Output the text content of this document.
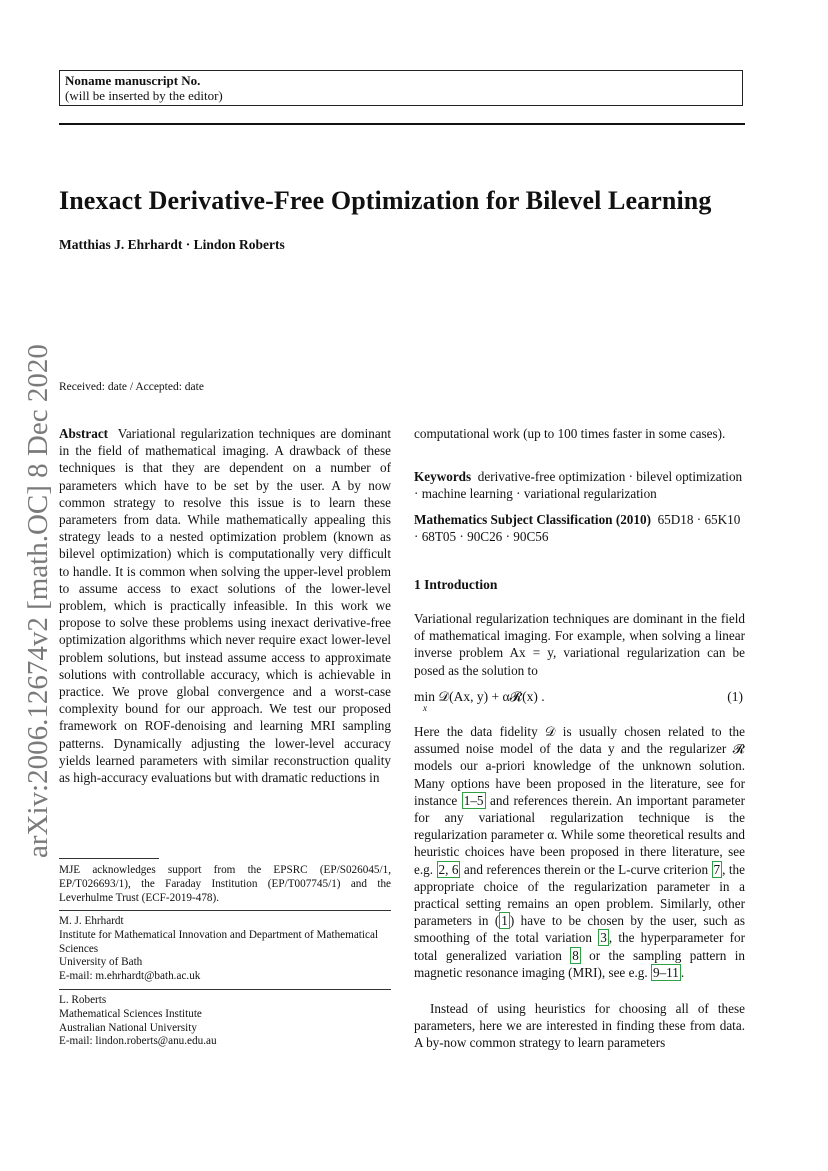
Noname manuscript No.
(will be inserted by the editor)
Inexact Derivative-Free Optimization for Bilevel Learning
Matthias J. Ehrhardt · Lindon Roberts
arXiv:2006.12674v2 [math.OC] 8 Dec 2020 Received: date / Accepted: date
Abstract Variational regularization techniques are dominant in the field of mathematical imaging. A drawback of these techniques is that they are dependent on a number of parameters which have to be set by the user. A by now common strategy to resolve this issue is to learn these parameters from data. While mathematically appealing this strategy leads to a nested optimization problem (known as bilevel optimization) which is computationally very difficult to handle. It is common when solving the upper-level problem to assume access to exact solutions of the lower-level problem, which is practically infeasible. In this work we propose to solve these problems using inexact derivative-free optimization algorithms which never require exact lower-level problem solutions, but instead assume access to approximate solutions with controllable accuracy, which is achievable in practice. We prove global convergence and a worst-case complexity bound for our approach. We test our proposed framework on ROF-denoising and learning MRI sampling patterns. Dynamically adjusting the lower-level accuracy yields learned parameters with similar reconstruction quality as high-accuracy evaluations but with dramatic reductions in
MJE acknowledges support from the EPSRC (EP/S026045/1, EP/T026693/1), the Faraday Institution (EP/T007745/1) and the Leverhulme Trust (ECF-2019-478).
M. J. Ehrhardt
Institute for Mathematical Innovation and Department of Mathematical Sciences
University of Bath
E-mail: m.ehrhardt@bath.ac.uk
L. Roberts
Mathematical Sciences Institute
Australian National University
E-mail: lindon.roberts@anu.edu.au
computational work (up to 100 times faster in some cases).
Keywords derivative-free optimization · bilevel optimization · machine learning · variational regularization
Mathematics Subject Classification (2010) 65D18 · 65K10 · 68T05 · 90C26 · 90C56
1 Introduction
Variational regularization techniques are dominant in the field of mathematical imaging. For example, when solving a linear inverse problem Ax = y, variational regularization can be posed as the solution to
min 𝒟(Ax, y) + α𝓡(x) .
x
(1)
Here the data fidelity 𝒟 is usually chosen related to the assumed noise model of the data y and the regularizer 𝓡 models our a-priori knowledge of the unknown solution. Many options have been proposed in the literature, see for instance 1–5 and references therein. An important parameter for any variational regularization technique is the regularization parameter α. While some theoretical results and heuristic choices have been proposed in there literature, see e.g. 2, 6 and references therein or the L-curve criterion 7 , the appropriate choice of the regularization parameter in a practical setting remains an open problem. Similarly, other parameters in ( 1 ) have to be chosen by the user, such as smoothing of the total variation 3 , the hyperparameter for total generalized variation 8 or the sampling pattern in magnetic resonance imaging (MRI), see e.g. 9–11 .
Instead of using heuristics for choosing all of these parameters, here we are interested in finding these from data. A by-now common strategy to learn parameters
